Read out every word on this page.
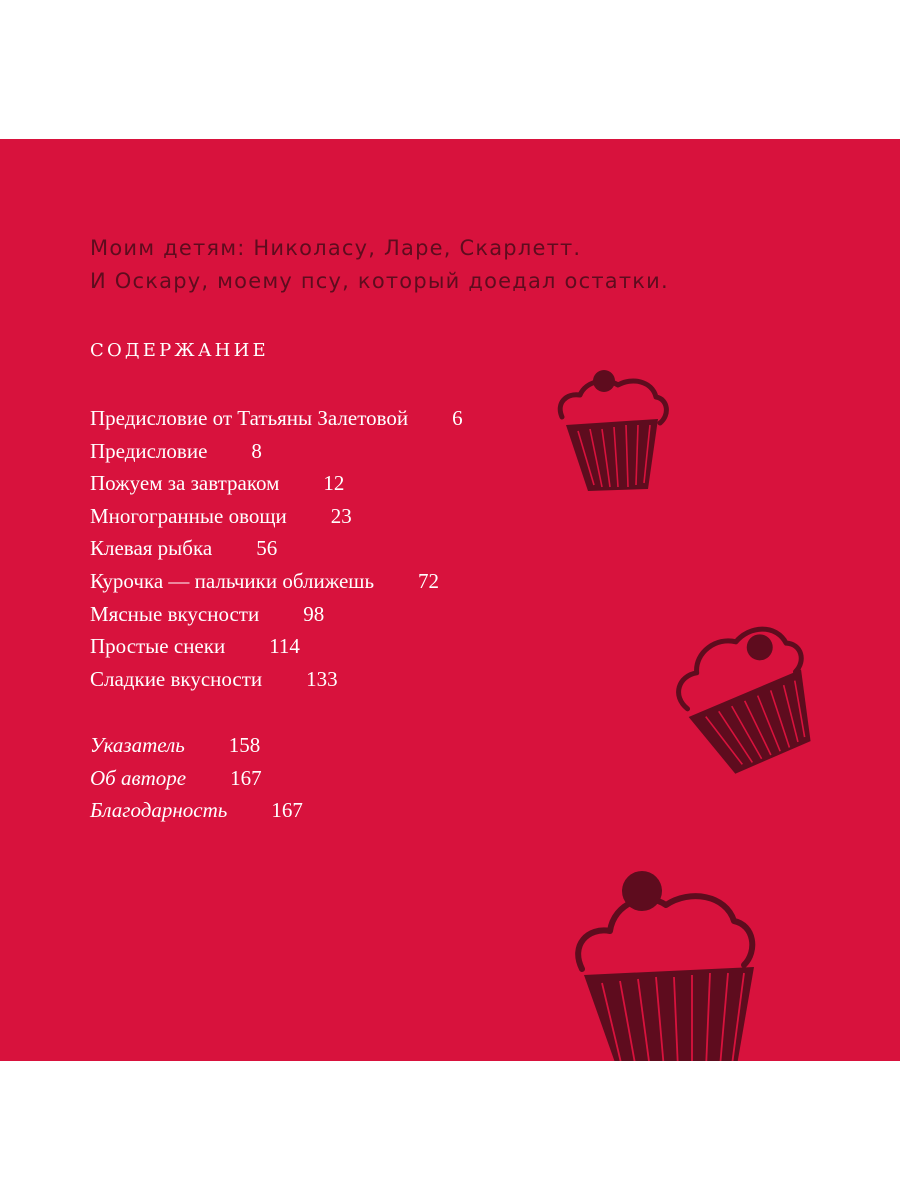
Моим детям: Николасу, Ларе, Скарлетт.
И Оскару, моему псу, который доедал остатки.
СОДЕРЖАНИЕ
Предисловие от Татьяны Залетовой 6
Предисловие 8
Пожуем за завтраком 12
Многогранные овощи 23
Клевая рыбка 56
Курочка — пальчики оближешь 72
Мясные вкусности 98
Простые снеки 114
Сладкие вкусности 133
Указатель 158
Об авторе 167
Благодарность 167
